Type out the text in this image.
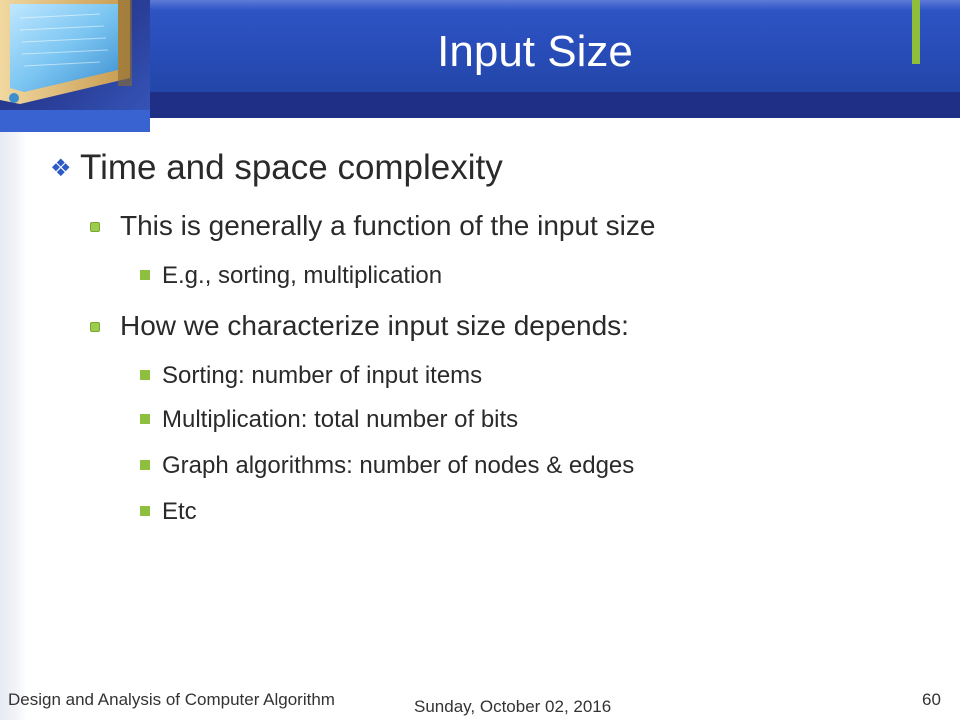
Input Size
❖ Time and space complexity
This is generally a function of the input size
E.g., sorting, multiplication
How we characterize input size depends:
Sorting: number of input items
Multiplication: total number of bits
Graph algorithms: number of nodes & edges
Etc
Design and Analysis of Computer Algorithm	Sunday, October 02, 2016	60
